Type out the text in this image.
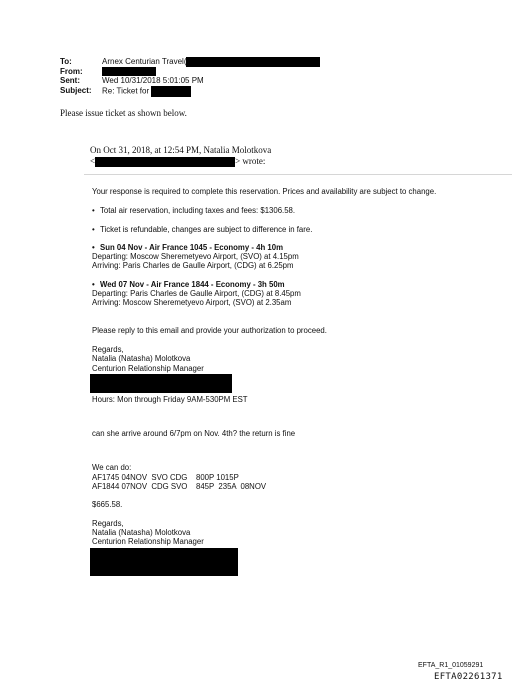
To:	Arnex Centurian Travel(
From:
Sent:	Wed 10/31/2018 5:01:05 PM
Subject: Re: Ticket for
Please issue ticket as shown below.
On Oct 31, 2018, at 12:54 PM, Natalia Molotkova
<	> wrote:
Your response is required to complete this reservation. Prices and availability are subject to change.
• Total air reservation, including taxes and fees: $1306.58.
• Ticket is refundable, changes are subject to difference in fare.
• Sun 04 Nov - Air France 1045 - Economy - 4h 10m
Departing: Moscow Sheremetyevo Airport, (SVO) at 4.15pm
Arriving: Paris Charles de Gaulle Airport, (CDG) at 6.25pm
• Wed 07 Nov - Air France 1844 - Economy - 3h 50m
Departing: Paris Charles de Gaulle Airport, (CDG) at 8.45pm
Arriving: Moscow Sheremetyevo Airport, (SVO) at 2.35am
Please reply to this email and provide your authorization to proceed.
Regards,
Natalia (Natasha) Molotkova
Centurion Relationship Manager
Hours: Mon through Friday 9AM-530PM EST
can she arrive around 6/7pm on Nov. 4th? the return is fine
We can do:
AF1745 04NOV  SVO CDG    800P 1015P
AF1844 07NOV  CDG SVO    845P  235A  08NOV
$665.58.
Regards,
Natalia (Natasha) Molotkova
Centurion Relationship Manager
EFTA_R1_01059291
EFTA02261371
